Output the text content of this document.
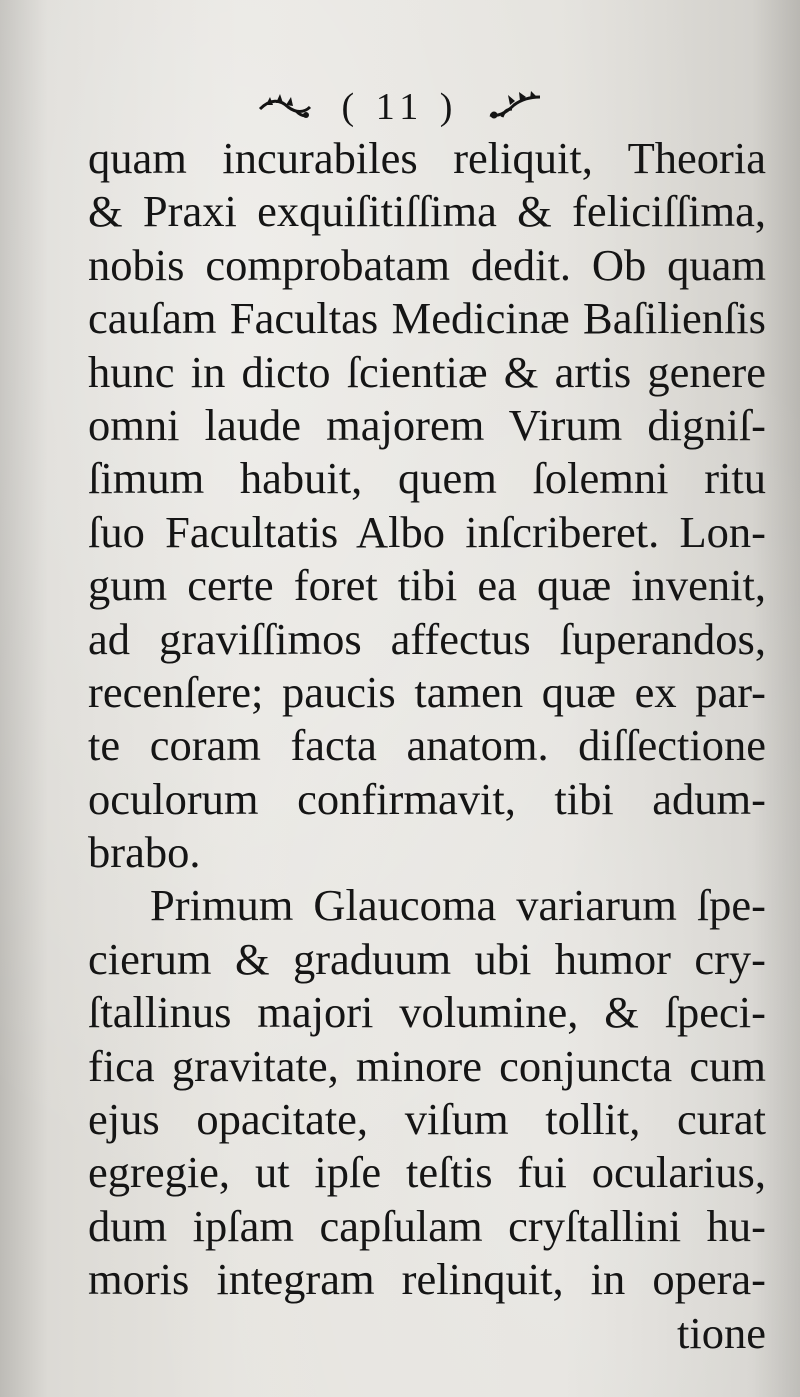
( 11 )
quam incurabiles reliquit, Theoria
& Praxi exquiſitiſſima & feliciſſima,
nobis comprobatam dedit. Ob quam
cauſam Facultas Medicinæ Baſilienſis
hunc in dicto ſcientiæ & artis genere
omni laude majorem Virum digniſ-
ſimum habuit, quem ſolemni ritu
ſuo Facultatis Albo inſcriberet. Lon-
gum certe foret tibi ea quæ invenit,
ad graviſſimos affectus ſuperandos,
recenſere; paucis tamen quæ ex par-
te coram facta anatom. diſſectione
oculorum confirmavit, tibi adum-
brabo.
Primum Glaucoma variarum ſpe-
cierum & graduum ubi humor cry-
ſtallinus majori volumine, & ſpeci-
fica gravitate, minore conjuncta cum
ejus opacitate, viſum tollit, curat
egregie, ut ipſe teſtis fui ocularius,
dum ipſam capſulam cryſtallini hu-
moris integram relinquit, in opera-
tione
